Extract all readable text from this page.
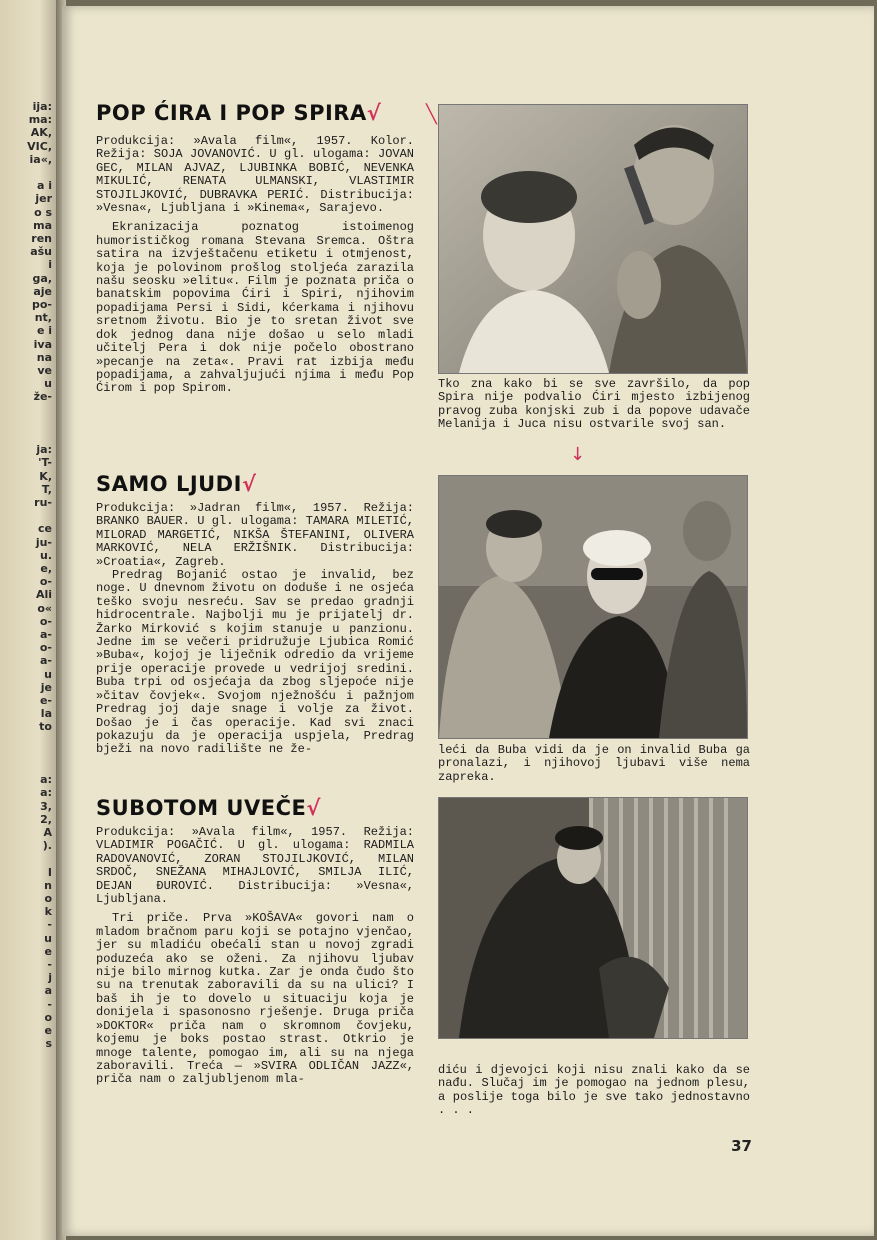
ija:
ma:
AK,
VIC,
ia«,
a i
jer
o s
ma
ren
ašu
i
ga,
aje
po-
nt,
e i
iva
na
ve
u
že-
ja:
'T-
K,
T,
ru-
ce
ju-
u.
e,
o-
Ali
o«
o-
a-
o-
a-
u
je
e-
la
to
a:
a:
3,
2,
A
).
I
n
o
k
-
u
e
-
j
a
-
o
e
s
POP ĆIRA I POP SPIRA√

Produkcija: »Avala film«, 1957. Kolor. Režija: SOJA JOVANOVIĆ. U gl. ulogama: JOVAN GEC, MILAN AJVAZ, LJUBINKA BOBIĆ, NEVENKA MIKULIĆ, RENATA ULMANSKI, VLASTIMIR STOJILJKOVIĆ, DUBRAVKA PERIĆ. Distribucija: »Vesna«, Ljubljana i »Kinema«, Sarajevo.

Ekranizacija poznatog istoimenog humorističkog romana Stevana Sremca. Oštra satira na izvještačenu etiketu i otmjenost, koja je polovinom prošlog stoljeća zarazila našu seosku »elitu«. Film je poznata priča o banatskim popovima Ćiri i Spiri, njihovim popadijama Persi i Sidi, kćerkama i njihovu sretnom životu. Bio je to sretan život sve dok jednog dana nije došao u selo mladi učitelj Pera i dok nije počelo obostrano »pecanje na zeta«. Pravi rat izbija među popadijama, a zahvaljujući njima i među Pop Ćirom i pop Spirom.	Tko zna kako bi se sve završilo, da pop Spira nije podvalio Ćiri mjesto izbijenog pravog zuba konjski zub i da popove udavače Melanija i Juca nisu ostvarile svoj san.
SAMO LJUDI√

Produkcija: »Jadran film«, 1957. Režija: BRANKO BAUER. U gl. ulogama: TAMARA MILETIĆ, MILORAD MARGETIĆ, NIKŠA ŠTEFANINI, OLIVERA MARKOVIĆ, NELA ERŽIŠNIK. Distribucija: »Croatia«, Zagreb.

Predrag Bojanić ostao je invalid, bez noge. U dnevnom životu on doduše i ne osjeća teško svoju nesreću. Sav se predao gradnji hidrocentrale. Najbolji mu je prijatelj dr. Žarko Mirković s kojim stanuje u panzionu. Jedne im se večeri pridružuje Ljubica Romić »Buba«, kojoj je liječnik odredio da vrijeme prije operacije provede u vedrijoj sredini. Buba trpi od osjećaja da zbog sljepoće nije »čitav čovjek«. Svojom nježnošću i pažnjom Predrag joj daje snage i volje za život. Došao je i čas operacije. Kad svi znaci pokazuju da je operacija uspjela, Predrag bježi na novo radilište ne že-	leći da Buba vidi da je on invalid Buba ga pronalazi, i njihovoj ljubavi više nema zapreka.
SUBOTOM UVEČE√

Produkcija: »Avala film«, 1957. Režija: VLADIMIR POGAČIĆ. U gl. ulogama: RADMILA RADOVANOVIĆ, ZORAN STOJILJKOVIĆ, MILAN SRDOČ, SNEŽANA MIHAJLOVIĆ, SMILJA ILIĆ, DEJAN ĐUROVIĆ. Distribucija: »Vesna«, Ljubljana.

Tri priče. Prva »KOŠAVA« govori nam o mladom bračnom paru koji se potajno vjenčao, jer su mladiću obećali stan u novoj zgradi poduzeća ako se oženi. Za njihovu ljubav nije bilo mirnog kutka. Zar je onda čudo što su na trenutak zaboravili da su na ulici? I baš ih je to dovelo u situaciju koja je donijela i spasonosno rješenje. Druga priča »DOKTOR« priča nam o skromnom čovjeku, kojemu je boks postao strast. Otkrio je mnoge talente, pomogao im, ali su na njega zaboravili. Treća — »SVIRA ODLIČAN JAZZ«, priča nam o zaljubljenom mla-

diću i djevojci koji nisu znali kako da se nađu. Slučaj im je pomogao na jednom plesu, a poslije toga bilo je sve tako jednostavno . . .
╲
↓
37
